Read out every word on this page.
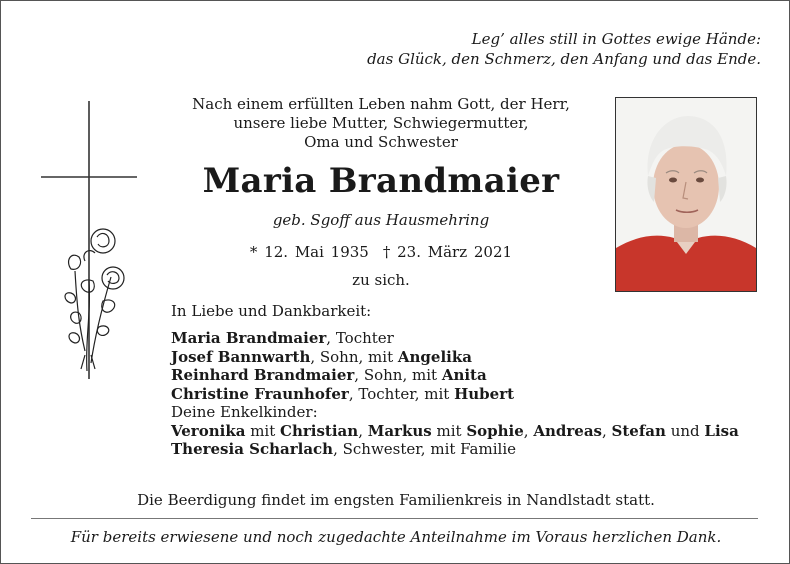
Leg’ alles still in Gottes ewige Hände:
das Glück, den Schmerz, den Anfang und das Ende.
Nach einem erfüllten Leben nahm Gott, der Herr,
unsere liebe Mutter, Schwiegermutter,
Oma und Schwester
Maria Brandmaier
geb. Sgoff aus Hausmehring
* 12. Mai 1935 † 23. März 2021
zu sich.
In Liebe und Dankbarkeit:
Maria Brandmaier, Tochter
Josef Bannwarth, Sohn, mit Angelika
Reinhard Brandmaier, Sohn, mit Anita
Christine Fraunhofer, Tochter, mit Hubert
Deine Enkelkinder:
Veronika mit Christian, Markus mit Sophie, Andreas, Stefan und Lisa
Theresia Scharlach, Schwester, mit Familie
Die Beerdigung findet im engsten Familienkreis in Nandlstadt statt.
Für bereits erwiesene und noch zugedachte Anteilnahme im Voraus herzlichen Dank.
